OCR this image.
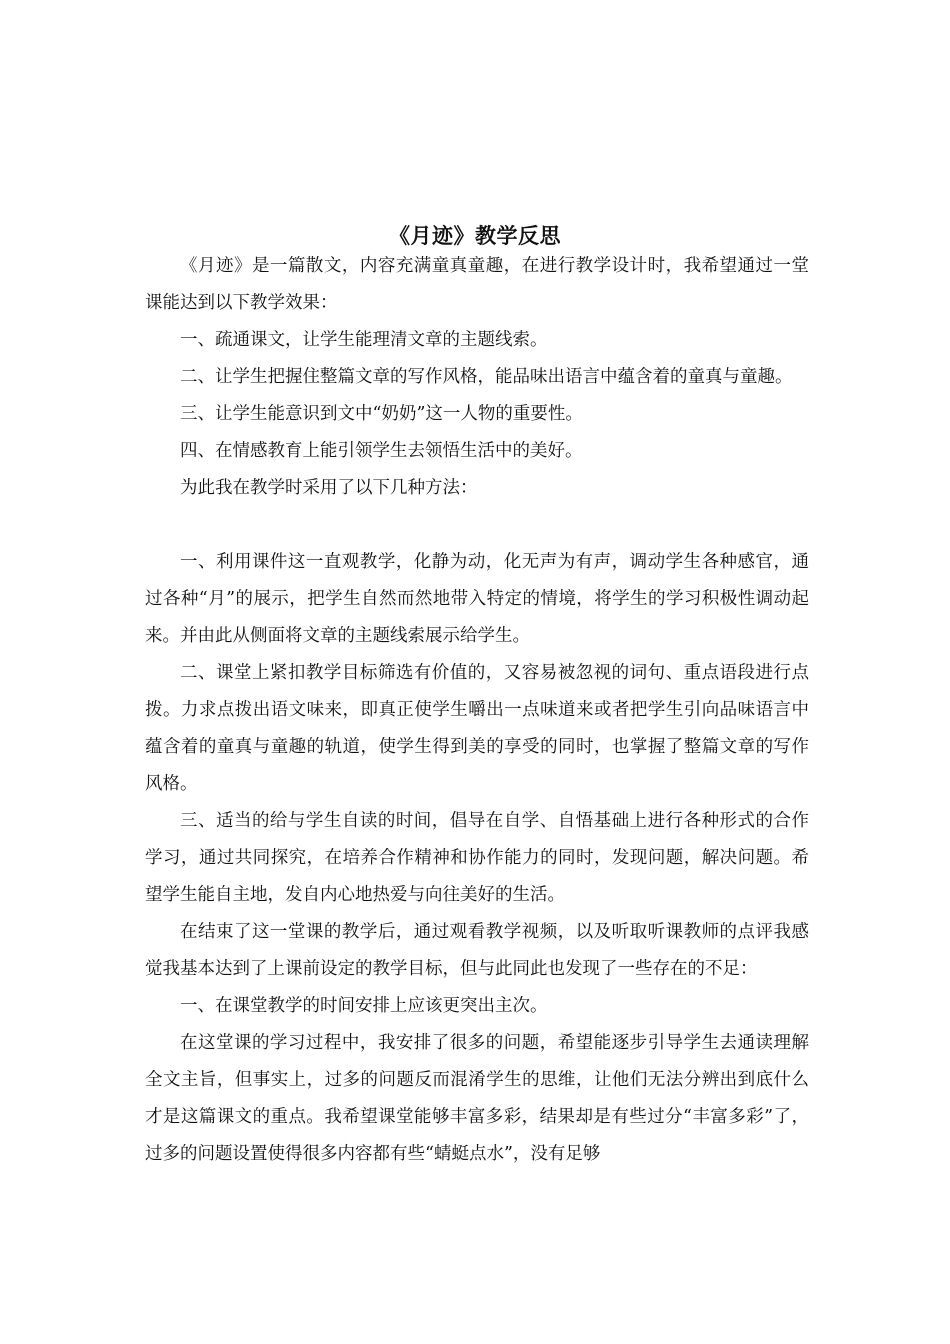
《月迹》教学反思

《月迹》是一篇散文，内容充满童真童趣，在进行教学设计时，我希望通过一堂课能达到以下教学效果：

一、疏通课文，让学生能理清文章的主题线索。

二、让学生把握住整篇文章的写作风格，能品味出语言中蕴含着的童真与童趣。

三、让学生能意识到文中“奶奶”这一人物的重要性。

四、在情感教育上能引领学生去领悟生活中的美好。

为此我在教学时采用了以下几种方法：

一、利用课件这一直观教学，化静为动，化无声为有声，调动学生各种感官，通过各种“月”的展示，把学生自然而然地带入特定的情境，将学生的学习积极性调动起来。并由此从侧面将文章的主题线索展示给学生。

二、课堂上紧扣教学目标筛选有价值的，又容易被忽视的词句、重点语段进行点拨。力求点拨出语文味来，即真正使学生嚼出一点味道来或者把学生引向品味语言中蕴含着的童真与童趣的轨道，使学生得到美的享受的同时，也掌握了整篇文章的写作风格。

三、适当的给与学生自读的时间，倡导在自学、自悟基础上进行各种形式的合作学习，通过共同探究，在培养合作精神和协作能力的同时，发现问题，解决问题。希望学生能自主地，发自内心地热爱与向往美好的生活。

在结束了这一堂课的教学后，通过观看教学视频，以及听取听课教师的点评我感觉我基本达到了上课前设定的教学目标，但与此同此也发现了一些存在的不足：

一、在课堂教学的时间安排上应该更突出主次。

在这堂课的学习过程中，我安排了很多的问题，希望能逐步引导学生去通读理解全文主旨，但事实上，过多的问题反而混淆学生的思维，让他们无法分辨出到底什么才是这篇课文的重点。我希望课堂能够丰富多彩，结果却是有些过分“丰富多彩”了，过多的问题设置使得很多内容都有些“蜻蜓点水”，没有足够
